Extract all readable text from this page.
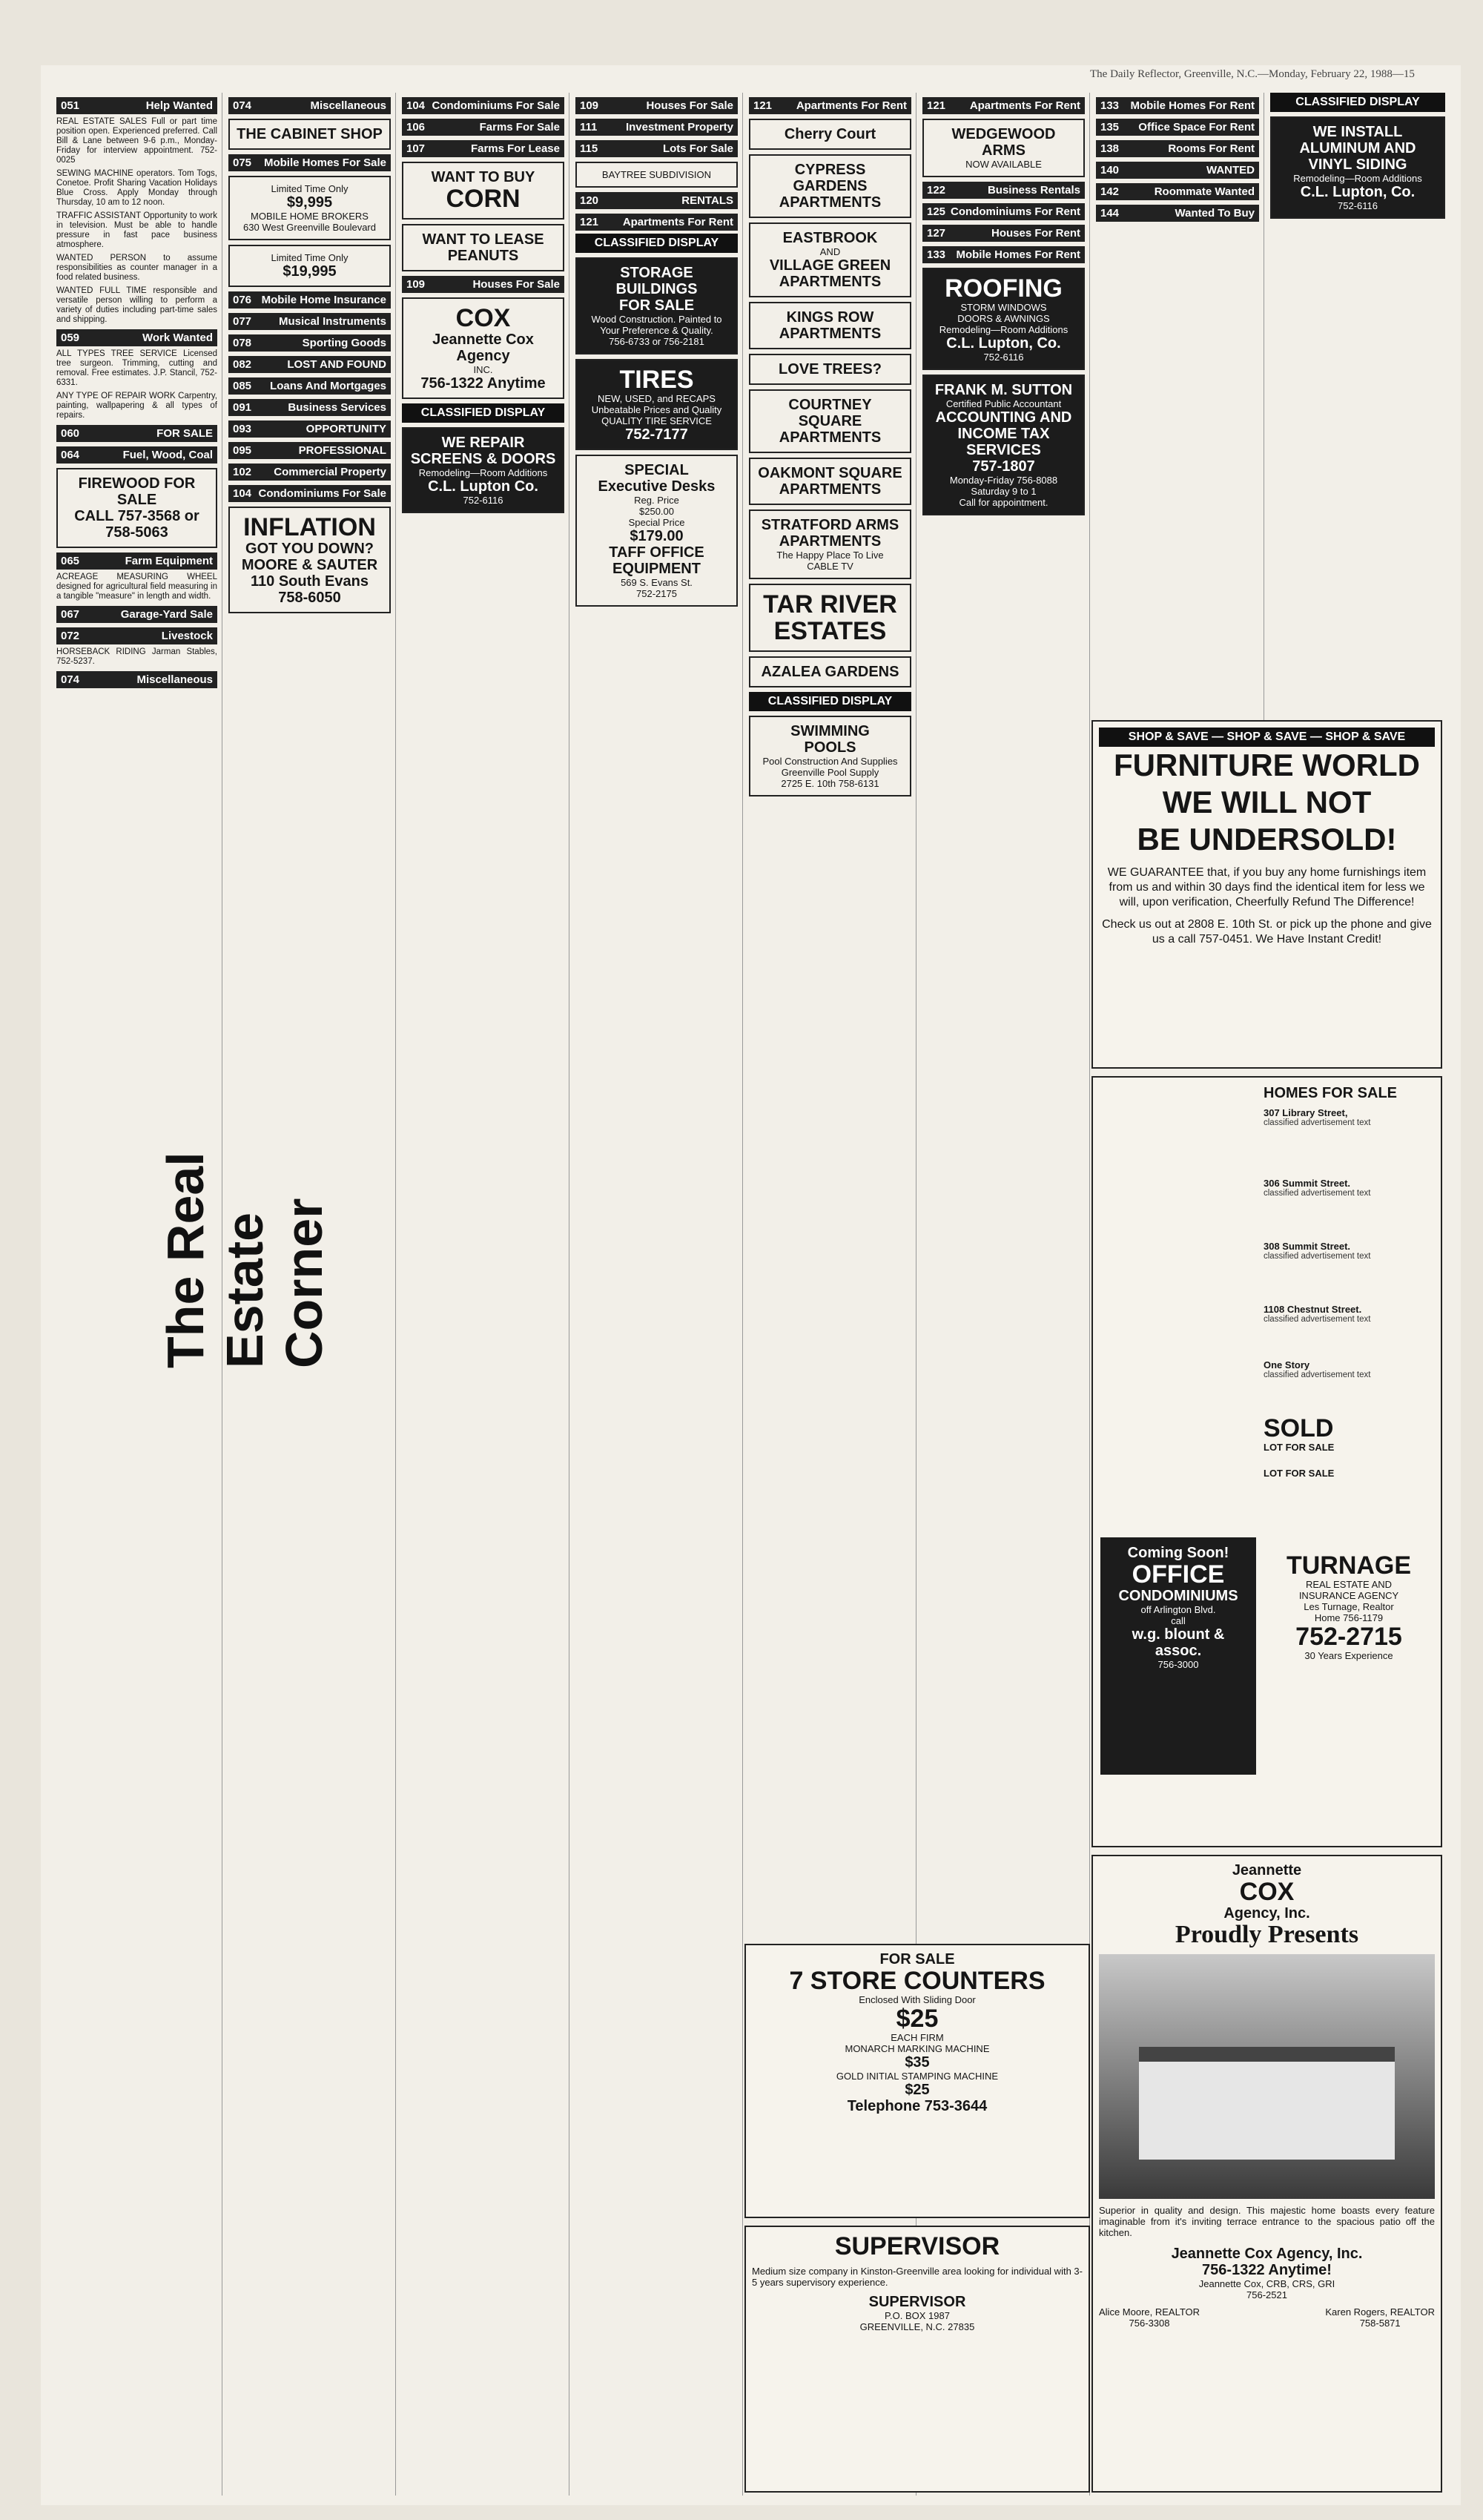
The Daily Reflector, Greenville, N.C.—Monday, February 22, 1988—15
051	Help Wanted

REAL ESTATE SALES Full or part time position open. Experienced preferred. Call Bill & Lane between 9-6 p.m., Monday-Friday for interview appointment. 752-0025

SEWING MACHINE operators. Tom Togs, Conetoe. Profit Sharing Vacation Holidays Blue Cross. Apply Monday through Thursday, 10 am to 12 noon.

TRAFFIC ASSISTANT Opportunity to work in television. Must be able to handle pressure in fast pace business atmosphere.

WANTED PERSON to assume responsibilities as counter manager in a food related business.

WANTED FULL TIME responsible and versatile person willing to perform a variety of duties including part-time sales and shipping.

059	Work Wanted

ALL TYPES TREE SERVICE Licensed tree surgeon. Trimming, cutting and removal. Free estimates. J.P. Stancil, 752-6331.

ANY TYPE OF REPAIR WORK Carpentry, painting, wallpapering & all types of repairs.

060	FOR SALE
064	Fuel, Wood, Coal
FIREWOOD FOR SALE
CALL 757-3568 or 758-5063
065	Farm Equipment

ACREAGE MEASURING WHEEL designed for agricultural field measuring in a tangible "measure" in length and width.

067	Garage-Yard Sale
072	Livestock

HORSEBACK RIDING Jarman Stables, 752-5237.

074	Miscellaneous
074	Miscellaneous
THE CABINET SHOP
075 Mobile Homes For Sale
Limited Time Only
$9,995
MOBILE HOME BROKERS
630 West Greenville Boulevard
Limited Time Only
$19,995
076 Mobile Home Insurance
077 Musical Instruments
078	Sporting Goods
082	LOST AND FOUND
085 Loans And Mortgages
091	Business Services
093	OPPORTUNITY
095	PROFESSIONAL
102 Commercial Property
104 Condominiums For Sale
INFLATION
GOT YOU DOWN?
MOORE & SAUTER
110 South Evans
758-6050
104 Condominiums For Sale
106	Farms For Sale
107	Farms For Lease
WANT TO BUY
CORN
WANT TO LEASE PEANUTS
109	Houses For Sale
COX
Jeannette Cox Agency
INC.
756-1322 Anytime
CLASSIFIED DISPLAY
WE REPAIR
SCREENS & DOORS
Remodeling—Room Additions
C.L. Lupton Co.
752-6116
109	Houses For Sale
111	Investment Property
115	Lots For Sale
BAYTREE SUBDIVISION
120	RENTALS
121 Apartments For Rent
CLASSIFIED DISPLAY
STORAGE
BUILDINGS
FOR SALE
Wood Construction. Painted to Your Preference & Quality.
756-6733 or 756-2181
TIRES
NEW, USED, and RECAPS
Unbeatable Prices and Quality
QUALITY TIRE SERVICE
752-7177
SPECIAL
Executive Desks
Reg. Price
$250.00
Special Price
$179.00
TAFF OFFICE
EQUIPMENT
569 S. Evans St.
752-2175
121 Apartments For Rent
Cherry Court
CYPRESS GARDENS
APARTMENTS
EASTBROOK
AND
VILLAGE GREEN
APARTMENTS
KINGS ROW
APARTMENTS
LOVE TREES?
COURTNEY SQUARE
APARTMENTS
OAKMONT SQUARE
APARTMENTS
STRATFORD ARMS
APARTMENTS
The Happy Place To Live
CABLE TV
TAR RIVER
ESTATES
AZALEA GARDENS
CLASSIFIED DISPLAY
SWIMMING
POOLS
Pool Construction And Supplies
Greenville Pool Supply
2725 E. 10th 758-6131
121 Apartments For Rent
WEDGEWOOD ARMS
NOW AVAILABLE
122	Business Rentals
125 Condominiums For Rent
127	Houses For Rent
133 Mobile Homes For Rent
ROOFING
STORM WINDOWS
DOORS & AWNINGS
Remodeling—Room Additions
C.L. Lupton, Co.
752-6116
FRANK M. SUTTON
Certified Public Accountant
ACCOUNTING AND
INCOME TAX
SERVICES
757-1807
Monday-Friday 756-8088 Saturday 9 to 1
Call for appointment.
133 Mobile Homes For Rent
135 Office Space For Rent
138	Rooms For Rent
140	WANTED
142	Roommate Wanted
144	Wanted To Buy
CLASSIFIED DISPLAY
WE INSTALL
ALUMINUM AND
VINYL SIDING
Remodeling—Room Additions
C.L. Lupton, Co.
752-6116
SHOP & SAVE — SHOP & SAVE — SHOP & SAVE
FURNITURE WORLD
WE WILL NOT
BE UNDERSOLD!
WE GUARANTEE that, if you buy any home furnishings item from us and within 30 days find the identical item for less we will, upon verification, Cheerfully Refund The Difference!
Check us out at 2808 E. 10th St. or pick up the phone and give us a call 757-0451. We Have Instant Credit!
HOMES FOR SALE
307 Library Street,
classified advertisement text
306 Summit Street.
classified advertisement text
308 Summit Street.
classified advertisement text
1108 Chestnut Street.
classified advertisement text
One Story
classified advertisement text
SOLD
LOT FOR SALE
LOT FOR SALE
Coming Soon!
OFFICE
CONDOMINIUMS
off Arlington Blvd.
call
w.g. blount & assoc.
756-3000
TURNAGE
REAL ESTATE AND
INSURANCE AGENCY
Les Turnage, Realtor
Home 756-1179
752-2715
30 Years Experience
The Real Estate Corner
Jeannette
COX
Agency, Inc.
Proudly Presents
Superior in quality and design. This majestic home boasts every feature imaginable from it's inviting terrace entrance to the spacious patio off the kitchen.
Jeannette Cox Agency, Inc.
756-1322 Anytime!
Jeannette Cox, CRB, CRS, GRI
756-2521
Alice Moore, REALTOR
756-3308
Karen Rogers, REALTOR
758-5871
FOR SALE
7 STORE COUNTERS
Enclosed With Sliding Door
$25
EACH FIRM
MONARCH MARKING MACHINE
$35
GOLD INITIAL STAMPING MACHINE
$25
Telephone 753-3644
SUPERVISOR
Medium size company in Kinston-Greenville area looking for individual with 3-5 years supervisory experience.
SUPERVISOR
P.O. BOX 1987
GREENVILLE, N.C. 27835
